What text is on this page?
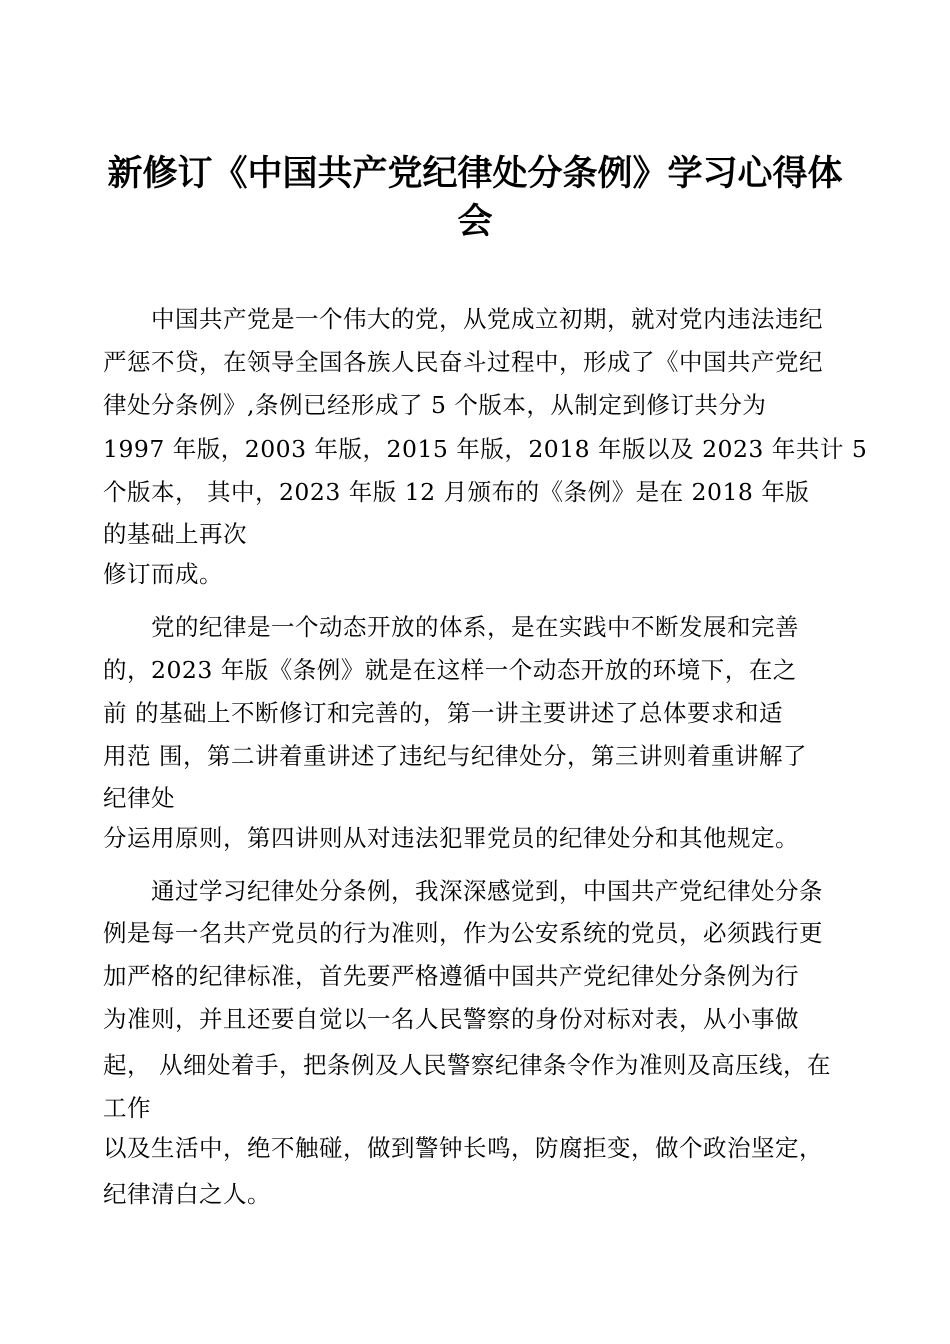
新修订《中国共产党纪律处分条例》学习心得体
会
　　中国共产党是一个伟大的党，从党成立初期，就对党内违法违纪
严惩不贷，在领导全国各族人民奋斗过程中，形成了《中国共产党纪
律处分条例》,条例已经形成了 5 个版本，从制定到修订共分为
1997 年版，2003 年版，2015 年版，2018 年版以及 2023 年共计 5
个版本， 其中，2023 年版 12 月颁布的《条例》是在 2018 年版
的基础上再次
修订而成。
　　党的纪律是一个动态开放的体系，是在实践中不断发展和完善
的，2023 年版《条例》就是在这样一个动态开放的环境下，在之
前 的基础上不断修订和完善的，第一讲主要讲述了总体要求和适
用范 围，第二讲着重讲述了违纪与纪律处分，第三讲则着重讲解了
纪律处
分运用原则，第四讲则从对违法犯罪党员的纪律处分和其他规定。
　　通过学习纪律处分条例，我深深感觉到，中国共产党纪律处分条
例是每一名共产党员的行为准则，作为公安系统的党员，必须践行更
加严格的纪律标准，首先要严格遵循中国共产党纪律处分条例为行
为准则，并且还要自觉以一名人民警察的身份对标对表，从小事做
起， 从细处着手，把条例及人民警察纪律条令作为准则及高压线，在
工作
以及生活中，绝不触碰，做到警钟长鸣，防腐拒变，做个政治坚定，
纪律清白之人。
